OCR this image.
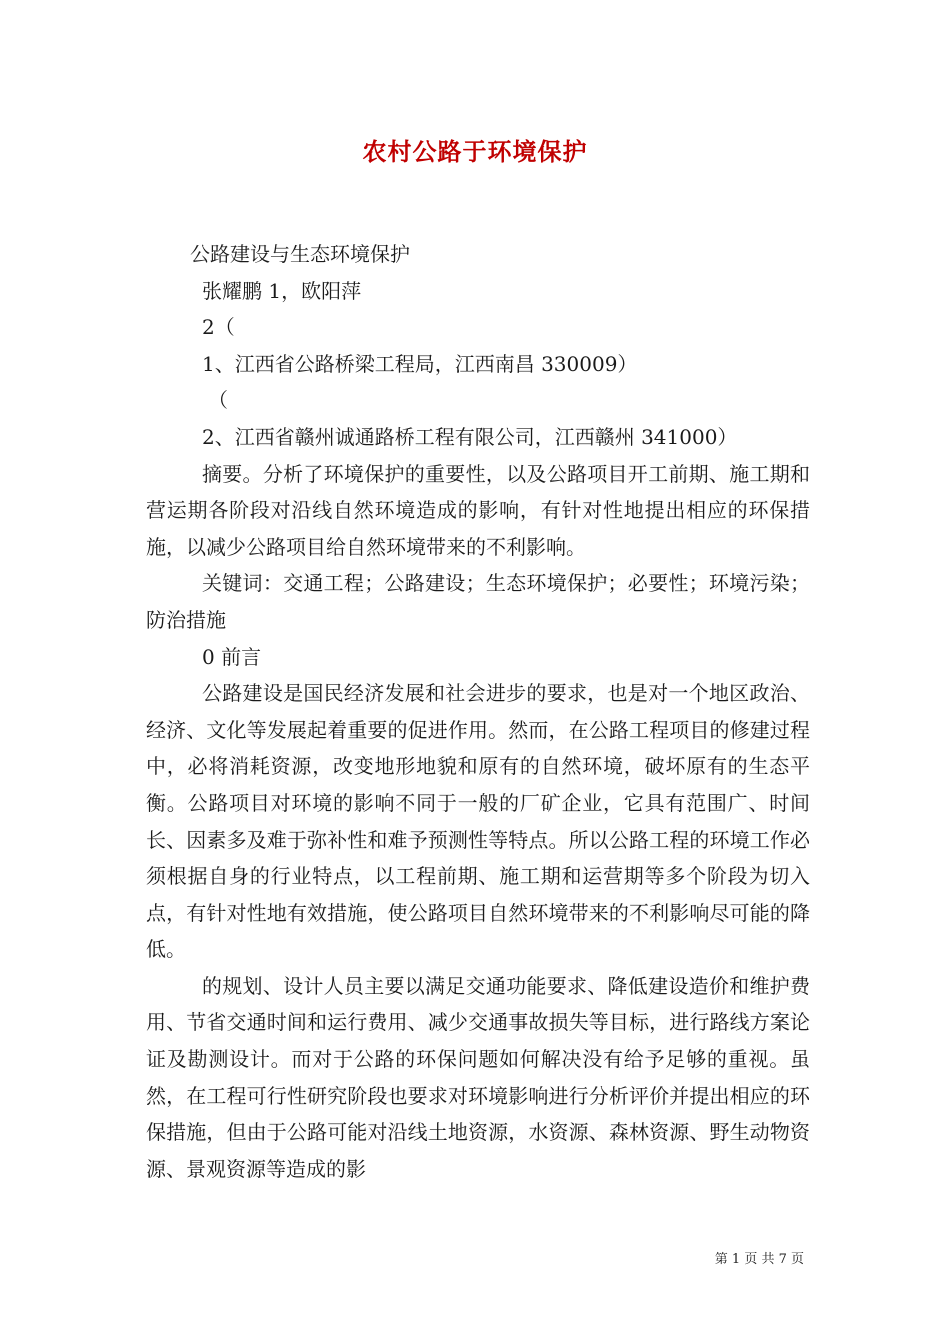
农村公路于环境保护

公路建设与生态环境保护

张耀鹏 1，欧阳萍

2（

1、江西省公路桥梁工程局，江西南昌 330009）

（

2、江西省赣州诚通路桥工程有限公司，江西赣州 341000）

摘要。分析了环境保护的重要性，以及公路项目开工前期、施工期和营运期各阶段对沿线自然环境造成的影响，有针对性地提出相应的环保措施，以减少公路项目给自然环境带来的不利影响。

关键词：交通工程；公路建设；生态环境保护；必要性；环境污染；防治措施

0 前言

公路建设是国民经济发展和社会进步的要求，也是对一个地区政治、经济、文化等发展起着重要的促进作用。然而，在公路工程项目的修建过程中，必将消耗资源，改变地形地貌和原有的自然环境，破坏原有的生态平衡。公路项目对环境的影响不同于一般的厂矿企业，它具有范围广、时间长、因素多及难于弥补性和难予预测性等特点。所以公路工程的环境工作必须根据自身的行业特点，以工程前期、施工期和运营期等多个阶段为切入点，有针对性地有效措施，使公路项目自然环境带来的不利影响尽可能的降低。

的规划、设计人员主要以满足交通功能要求、降低建设造价和维护费用、节省交通时间和运行费用、减少交通事故损失等目标，进行路线方案论证及勘测设计。而对于公路的环保问题如何解决没有给予足够的重视。虽然，在工程可行性研究阶段也要求对环境影响进行分析评价并提出相应的环保措施，但由于公路可能对沿线土地资源，水资源、森林资源、野生动物资源、景观资源等造成的影

第 1 页 共 7 页
